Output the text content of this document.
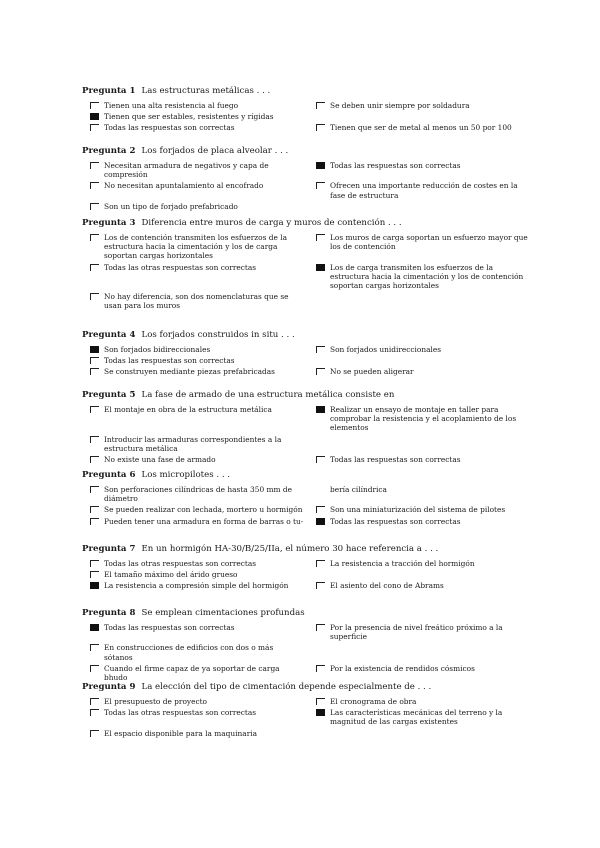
Pregunta 1 Las estructuras metálicas . . .
Tienen una alta resistencia al fuego	Se deben unir siempre por soldadura
Tienen que ser estables, resistentes y rígidas
Todas las respuestas son correctas	Tienen que ser de metal al menos un 50 por 100
Pregunta 2 Los forjados de placa alveolar . . .
Necesitan armadura de negativos y capa de compresión
Todas las respuestas son correctas
No necesitan apuntalamiento al encofrado	Ofrecen una importante reducción de costes en la fase de estructura
Son un tipo de forjado prefabricado
Pregunta 3 Diferencia entre muros de carga y muros de contención . . .
Los de contención transmiten los esfuerzos de la estructura hacia la cimentación y los de carga soportan cargas horizontales
Los muros de carga soportan un esfuerzo mayor que los de contención
Todas las otras respuestas son correctas	Los de carga transmiten los esfuerzos de la estructura hacia la cimentación y los de contención soportan cargas horizontales
No hay diferencia, son dos nomenclaturas que se usan para los muros
Pregunta 4 Los forjados construidos in situ . . .
Son forjados bidireccionales	Son forjados unidireccionales
Todas las respuestas son correctas
Se construyen mediante piezas prefabricadas	No se pueden aligerar
Pregunta 5 La fase de armado de una estructura metálica consiste en
El montaje en obra de la estructura metálica	Realizar un ensayo de montaje en taller para comprobar la resistencia y el acoplamiento de los elementos
Introducir las armaduras correspondientes a la estructura metálica
No existe una fase de armado	Todas las respuestas son correctas
Pregunta 6 Los micropilotes . . .
Son perforaciones cilíndricas de hasta 350 mm de diámetro
bería cilíndrica
Se pueden realizar con lechada, mortero u hormigón	Son una miniaturización del sistema de pilotes
Pueden tener una armadura en forma de barras o tu-	Todas las respuestas son correctas
Pregunta 7 En un hormigón HA-30/B/25/IIa, el número 30 hace referencia a . . .
Todas las otras respuestas son correctas	La resistencia a tracción del hormigón
El tamaño máximo del árido grueso
La resistencia a compresión simple del hormigón	El asiento del cono de Abrams
Pregunta 8 Se emplean cimentaciones profundas
Todas las respuestas son correctas	Por la presencia de nivel freático próximo a la superficie
En construcciones de edificios con dos o más sótanos
Cuando el firme capaz de ya soportar de carga bhudo
Por la existencia de rendidos cósmicos
Pregunta 9 La elección del tipo de cimentación depende especialmente de . . .
El presupuesto de proyecto	El cronograma de obra
Todas las otras respuestas son correctas	Las características mecánicas del terreno y la magnitud de las cargas existentes
El espacio disponible para la maquinaria
